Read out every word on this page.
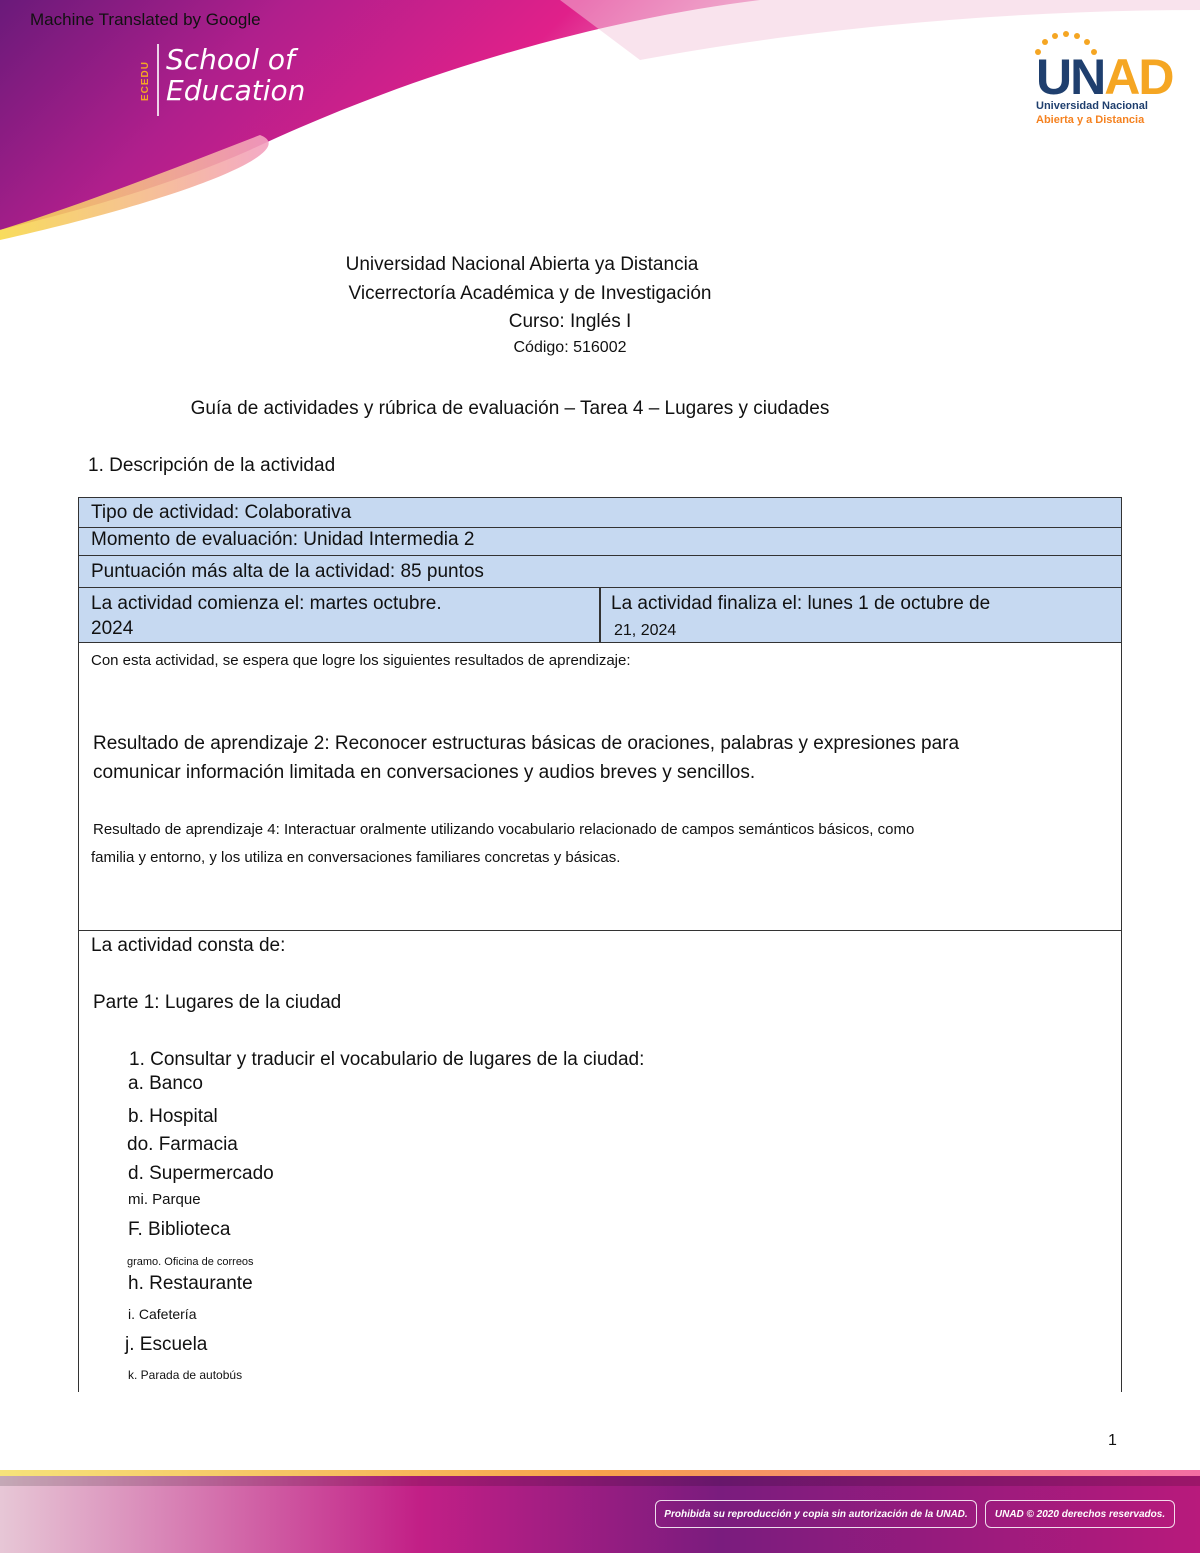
Machine Translated by Google
ECEDU
School of
Education	UNAD
Universidad Nacional
Abierta y a Distancia
Universidad Nacional Abierta ya Distancia
Vicerrectoría Académica y de Investigación
Curso: Inglés I
Código: 516002
Guía de actividades y rúbrica de evaluación – Tarea 4 – Lugares y ciudades
1. Descripción de la actividad
Tipo de actividad: Colaborativa
Momento de evaluación: Unidad Intermedia 2
Puntuación más alta de la actividad: 85 puntos
La actividad comienza el: martes octubre.
2024
La actividad finaliza el: lunes 1 de octubre de
21, 2024
Con esta actividad, se espera que logre los siguientes resultados de aprendizaje:
Resultado de aprendizaje 2: Reconocer estructuras básicas de oraciones, palabras y expresiones para
comunicar información limitada en conversaciones y audios breves y sencillos.
Resultado de aprendizaje 4: Interactuar oralmente utilizando vocabulario relacionado de campos semánticos básicos, como
familia y entorno, y los utiliza en conversaciones familiares concretas y básicas.
La actividad consta de:
Parte 1: Lugares de la ciudad
1. Consultar y traducir el vocabulario de lugares de la ciudad:
a. Banco
b. Hospital
do. Farmacia
d. Supermercado
mi. Parque
F. Biblioteca
gramo. Oficina de correos
h. Restaurante
i. Cafetería
j. Escuela
k. Parada de autobús
1
Prohibida su reproducción y copia sin autorización de la UNAD.	UNAD © 2020 derechos reservados.
